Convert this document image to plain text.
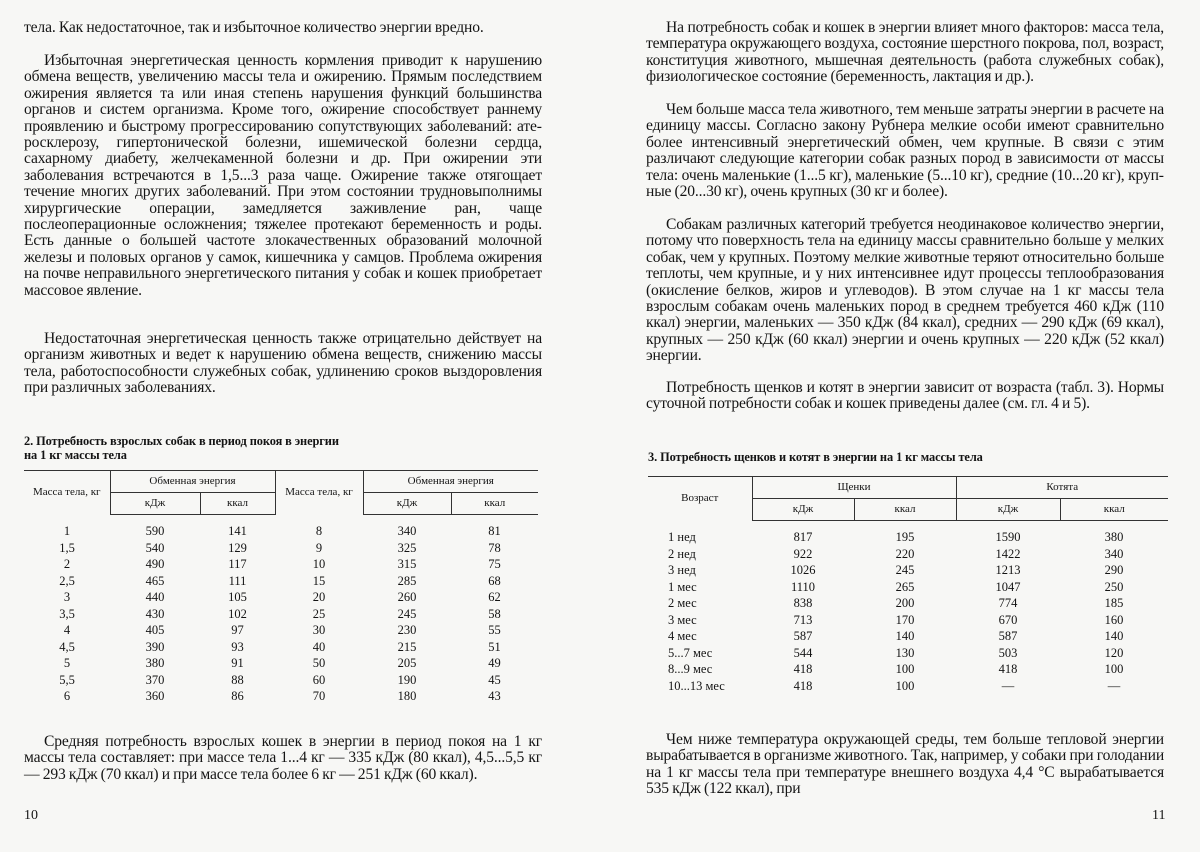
тела. Как недостаточное, так и избыточное количество энергии вредно.

Избыточная энергетическая ценность кормления приводит к нарушению обмена веществ, увеличению массы тела и ожирению. Прямым последствием ожирения является та или иная степень нарушения функций большинства органов и систем организма. Кроме того, ожирение способствует раннему проявлению и быстрому прогрессированию сопутствующих заболеваний: атеросклерозу, гипертонической болезни, ишемической болезни сердца, сахарному диабету, желчекаменной болезни и др. При ожирении эти заболевания встречаются в 1,5...3 раза чаще. Ожирение также отягощает течение многих других заболеваний. При этом состоянии трудновыполнимы хирургические операции, замедляется заживление ран, чаще послеоперационные осложнения; тяжелее протекают беременность и роды. Есть данные о большей частоте злокачественных образований молочной железы и половых органов у самок, кишечника у самцов. Проблема ожирения на почве неправильного энергетического питания у собак и кошек приобретает массовое явление.

Недостаточная энергетическая ценность также отрицательно действует на организм животных и ведет к нарушению обмена веществ, снижению массы тела, работоспособности служебных собак, удлинению сроков выздоровления при различных заболеваниях.

2. Потребность взрослых собак в период покоя в энергии
на 1 кг массы тела
Масса тела, кг	Обменная энергия		Масса тела, кг	Обменная энергия	
	кДж	ккал		кДж	ккал
1	590	141	8	340	81
1,5	540	129	9	325	78
2	490	117	10	315	75
2,5	465	111	15	285	68
3	440	105	20	260	62
3,5	430	102	25	245	58
4	405	97	30	230	55
4,5	390	93	40	215	51
5	380	91	50	205	49
5,5	370	88	60	190	45
6	360	86	70	180	43

Средняя потребность взрослых кошек в энергии в период покоя на 1 кг массы тела составляет: при массе тела 1...4 кг — 335 кДж (80 ккал), 4,5...5,5 кг — 293 кДж (70 ккал) и при массе тела более 6 кг — 251 кДж (60 ккал).

10

На потребность собак и кошек в энергии влияет много факторов: масса тела, температура окружающего воздуха, состояние шерстного покрова, пол, возраст, конституция животного, мышечная деятельность (работа служебных собак), физиологическое состояние (беременность, лактация и др.).

Чем больше масса тела животного, тем меньше затраты энергии в расчете на единицу массы. Согласно закону Рубнера мелкие особи имеют сравнительно более интенсивный энергетический обмен, чем крупные. В связи с этим различают следующие категории собак разных пород в зависимости от массы тела: очень маленькие (1...5 кг), маленькие (5...10 кг), средние (10...20 кг), крупные (20...30 кг), очень крупных (30 кг и более).

Собакам различных категорий требуется неодинаковое количество энергии, потому что поверхность тела на единицу массы сравнительно больше у мелких собак, чем у крупных. Поэтому мелкие животные теряют относительно больше теплоты, чем крупные, и у них интенсивнее идут процессы теплообразования (окисление белков, жиров и углеводов). В этом случае на 1 кг массы тела взрослым собакам очень маленьких пород в среднем требуется 460 кДж (110 ккал) энергии, маленьких — 350 кДж (84 ккал), средних — 290 кДж (69 ккал), крупных — 250 кДж (60 ккал) энергии и очень крупных — 220 кДж (52 ккал) энергии.

Потребность щенков и котят в энергии зависит от возраста (табл. 3). Нормы суточной потребности собак и кошек приведены далее (см. гл. 4 и 5).

3. Потребность щенков и котят в энергии на 1 кг массы тела
Возраст	Щенки		Котята	
	кДж	ккал	кДж	ккал
1 нед	817	195	1590	380
2 нед	922	220	1422	340
3 нед	1026	245	1213	290
1 мес	1110	265	1047	250
2 мес	838	200	774	185
3 мес	713	170	670	160
4 мес	587	140	587	140
5...7 мес	544	130	503	120
8...9 мес	418	100	418	100
10...13 мес	418	100	—	—

Чем ниже температура окружающей среды, тем больше тепловой энергии вырабатывается в организме животного. Так, например, у собаки при голодании на 1 кг массы тела при температуре внешнего воздуха 4,4 °С вырабатывается 535 кДж (122 ккал), при

11
